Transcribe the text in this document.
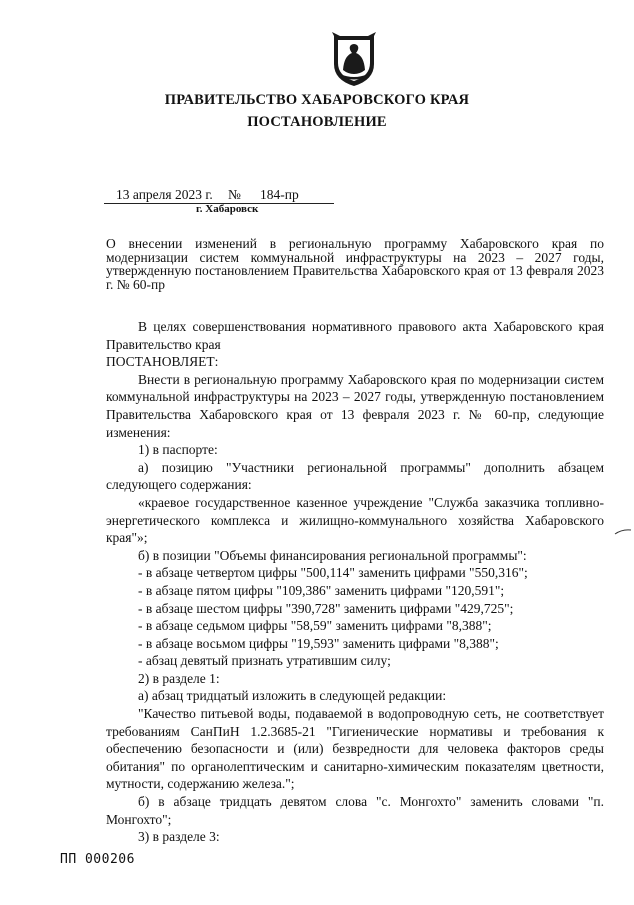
ПРАВИТЕЛЬСТВО ХАБАРОВСКОГО КРАЯ
ПОСТАНОВЛЕНИЕ
13 апреля 2023 г. № 184-пр
г. Хабаровск
О внесении изменений в региональную программу Хабаровского края по модернизации систем коммунальной инфраструктуры на 2023 – 2027 годы, утвержденную постановлением Правительства Хабаровского края от 13 февраля 2023 г. № 60-пр

В целях совершенствования нормативного правового акта Хабаровского края Правительство края

ПОСТАНОВЛЯЕТ:

Внести в региональную программу Хабаровского края по модернизации систем коммунальной инфраструктуры на 2023 – 2027 годы, утвержденную постановлением Правительства Хабаровского края от 13 февраля 2023 г. № 60-пр, следующие изменения:

1) в паспорте:

а) позицию "Участники региональной программы" дополнить абзацем следующего содержания:

«краевое государственное казенное учреждение "Служба заказчика топливно-энергетического комплекса и жилищно-коммунального хозяйства Хабаровского края"»;

б) в позиции "Объемы финансирования региональной программы":

- в абзаце четвертом цифры "500,114" заменить цифрами "550,316";

- в абзаце пятом цифры "109,386" заменить цифрами "120,591";

- в абзаце шестом цифры "390,728" заменить цифрами "429,725";

- в абзаце седьмом цифры "58,59" заменить цифрами "8,388";

- в абзаце восьмом цифры "19,593" заменить цифрами "8,388";

- абзац девятый признать утратившим силу;

2) в разделе 1:

а) абзац тридцатый изложить в следующей редакции:

"Качество питьевой воды, подаваемой в водопроводную сеть, не соответствует требованиям СанПиН 1.2.3685-21 "Гигиенические нормативы и требования к обеспечению безопасности и (или) безвредности для человека факторов среды обитания" по органолептическим и санитарно-химическим показателям цветности, мутности, содержанию железа.";

б) в абзаце тридцать девятом слова "с. Монгохто" заменить словами "п. Монгохто";

3) в разделе 3:

ПП 000206
